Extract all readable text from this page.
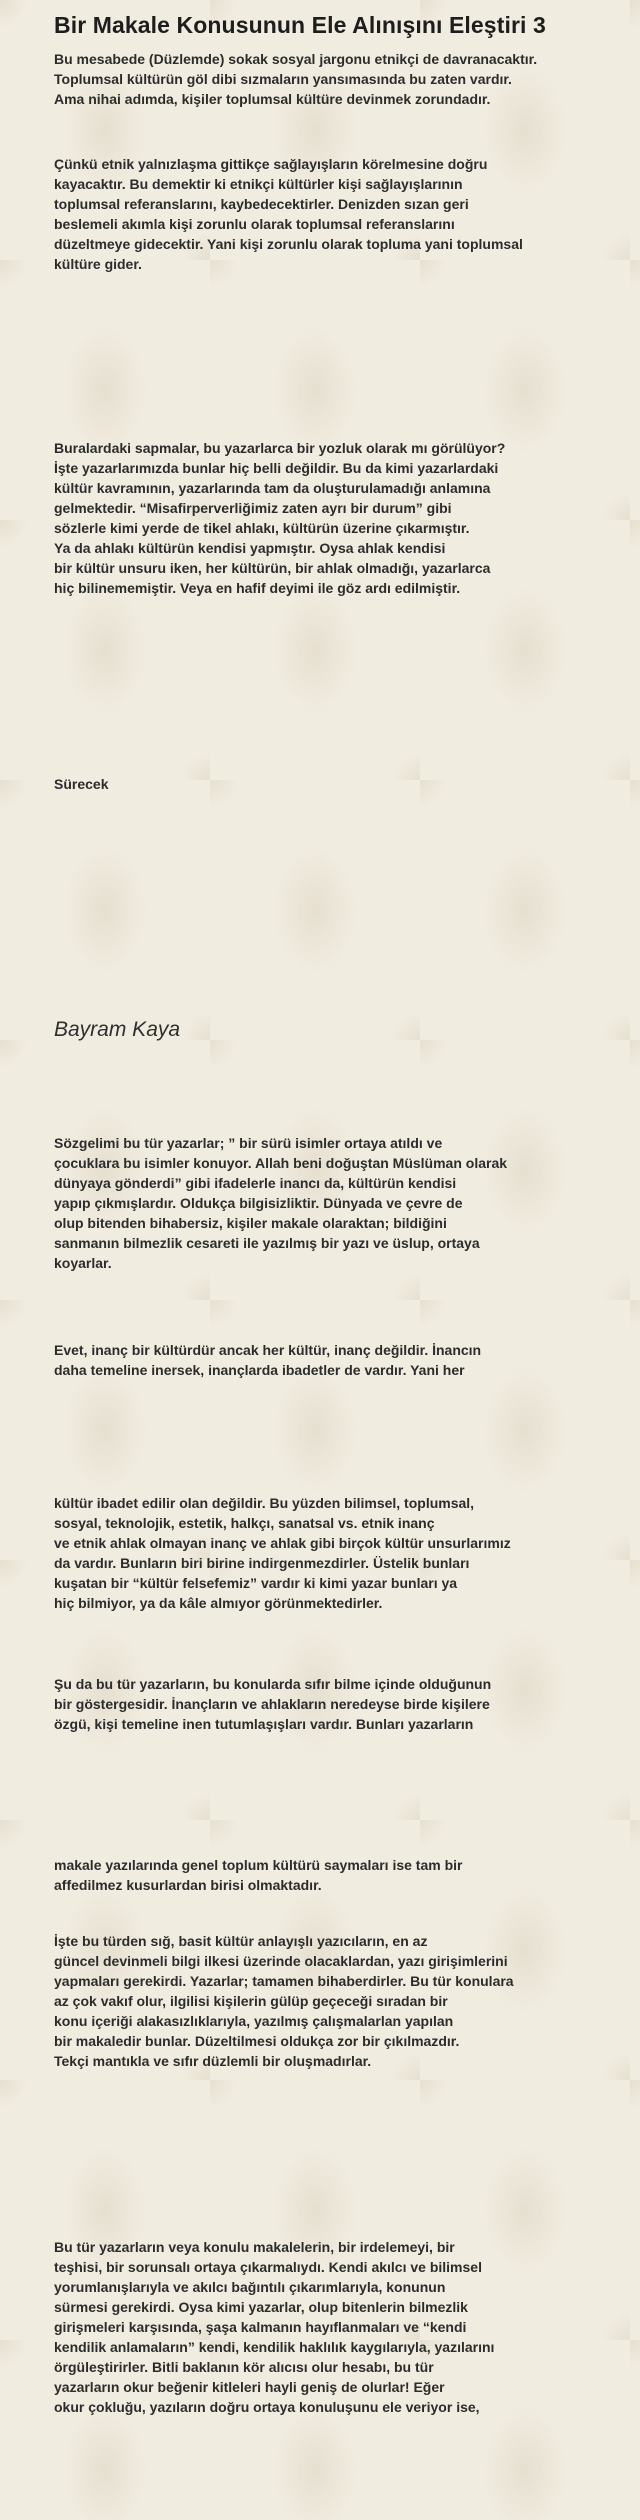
Bir Makale Konusunun Ele Alınışını Eleştiri 3
Bu mesabede (Düzlemde) sokak sosyal jargonu etnikçi de davranacaktır.
Toplumsal kültürün göl dibi sızmaların yansımasında bu zaten vardır.
Ama nihai adımda, kişiler toplumsal kültüre devinmek zorundadır.
Çünkü etnik yalnızlaşma gittikçe sağlayışların körelmesine doğru
kayacaktır. Bu demektir ki etnikçi kültürler kişi sağlayışlarının
toplumsal referanslarını, kaybedecektirler. Denizden sızan geri
beslemeli akımla kişi zorunlu olarak toplumsal referanslarını
düzeltmeye gidecektir. Yani kişi zorunlu olarak topluma yani toplumsal
kültüre gider.
Buralardaki sapmalar, bu yazarlarca bir yozluk olarak mı görülüyor?
İşte yazarlarımızda bunlar hiç belli değildir. Bu da kimi yazarlardaki
kültür kavramının, yazarlarında tam da oluşturulamadığı anlamına
gelmektedir. “Misafirperverliğimiz zaten ayrı bir durum” gibi
sözlerle kimi yerde de tikel ahlakı, kültürün üzerine çıkarmıştır.
Ya da ahlakı kültürün kendisi yapmıştır. Oysa ahlak kendisi
bir kültür unsuru iken, her kültürün, bir ahlak olmadığı, yazarlarca
hiç bilinememiştir. Veya en hafif deyimi ile göz ardı edilmiştir.
Sürecek
Bayram Kaya
Sözgelimi bu tür yazarlar; ” bir sürü isimler ortaya atıldı ve
çocuklara bu isimler konuyor. Allah beni doğuştan Müslüman olarak
dünyaya gönderdi” gibi ifadelerle inancı da, kültürün kendisi
yapıp çıkmışlardır. Oldukça bilgisizliktir. Dünyada ve çevre de
olup bitenden bihabersiz, kişiler makale olaraktan; bildiğini
sanmanın bilmezlik cesareti ile yazılmış bir yazı ve üslup, ortaya
koyarlar.
Evet, inanç bir kültürdür ancak her kültür, inanç değildir. İnancın
daha temeline inersek, inançlarda ibadetler de vardır. Yani her
kültür ibadet edilir olan değildir. Bu yüzden bilimsel, toplumsal,
sosyal, teknolojik, estetik, halkçı, sanatsal vs. etnik inanç
ve etnik ahlak olmayan inanç ve ahlak gibi birçok kültür unsurlarımız
da vardır. Bunların biri birine indirgenmezdirler. Üstelik bunları
kuşatan bir “kültür felsefemiz” vardır ki kimi yazar bunları ya
hiç bilmiyor, ya da kâle almıyor görünmektedirler.
Şu da bu tür yazarların, bu konularda sıfır bilme içinde olduğunun
bir göstergesidir. İnançların ve ahlakların neredeyse birde kişilere
özgü, kişi temeline inen tutumlaşışları vardır. Bunları yazarların
makale yazılarında genel toplum kültürü saymaları ise tam bir
affedilmez kusurlardan birisi olmaktadır.
İşte bu türden sığ, basit kültür anlayışlı yazıcıların, en az
güncel devinmeli bilgi ilkesi üzerinde olacaklardan, yazı girişimlerini
yapmaları gerekirdi. Yazarlar; tamamen bihaberdirler. Bu tür konulara
az çok vakıf olur, ilgilisi kişilerin gülüp geçeceği sıradan bir
konu içeriği alakasızlıklarıyla, yazılmış çalışmalarlan yapılan
bir makaledir bunlar. Düzeltilmesi oldukça zor bir çıkılmazdır.
Tekçi mantıkla ve sıfır düzlemli bir oluşmadırlar.
Bu tür yazarların veya konulu makalelerin, bir irdelemeyi, bir
teşhisi, bir sorunsalı ortaya çıkarmalıydı. Kendi akılcı ve bilimsel
yorumlanışlarıyla ve akılcı bağıntılı çıkarımlarıyla, konunun
sürmesi gerekirdi. Oysa kimi yazarlar, olup bitenlerin bilmezlik
girişmeleri karşısında, şaşa kalmanın hayıflanmaları ve “kendi
kendilik anlamaların” kendi, kendilik haklılık kaygılarıyla, yazılarını
örgüleştirirler. Bitli baklanın kör alıcısı olur hesabı, bu tür
yazarların okur beğenir kitleleri hayli geniş de olurlar! Eğer
okur çokluğu, yazıların doğru ortaya konuluşunu ele veriyor ise,
